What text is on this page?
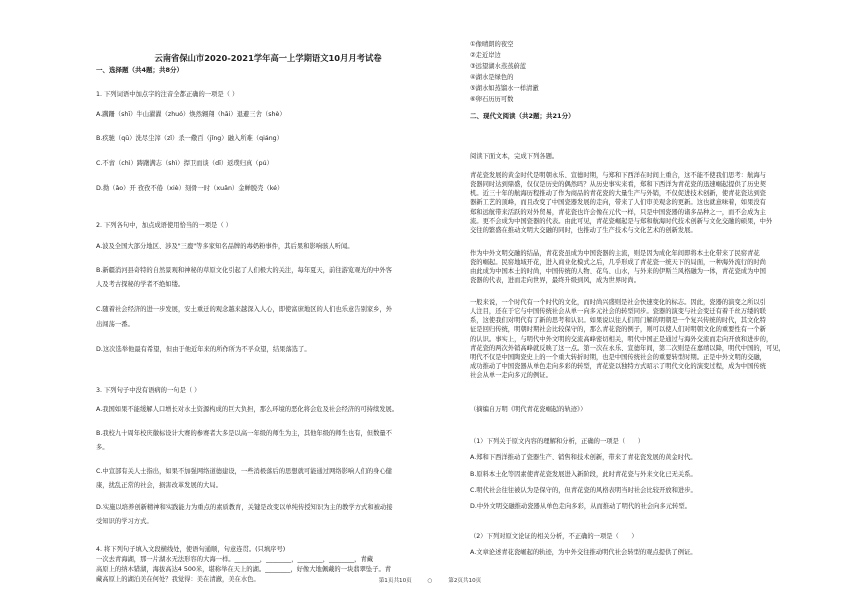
云南省保山市2020-2021学年高一上学期语文10月月考试卷
一、选择题（共4题；共8分）
1. 下列词语中加点字的注音全都正确的一项是（ ）
A.蹒跚（shī）牛山濯濯（zhuó）焕然翱翔（hāi）退避三舍（shè）
B.疾驰（qū）洗尽尘滓（zǐ）杀一儆百（jǐng）融入所难（qiáng）
C.不啻（chì）踌躇满志（shì）捍卫而谈（dī）返璞归真（pú）
D.拗（ǎo）开 孜孜不倦（xiè）刻骨一时（xuān）金蝉脱壳（ké）
2. 下列各句中，加点成语使用恰当的一项是（ ）
A.波及全国大部分地区、涉及"三鹿"等多家知名品牌的毒奶粉事件，其后果和影响骇人听闻。
B.新疆消河县奇特的自然景观和神秘的草原文化引起了人们极大的关注，每年夏天，前往游览观光的中外客
人及考古探秘的学者不绝如缕。
C.随着社会经济的进一步发展，安土重迁的观念越来越深入人心，即使富庶地区的人们也乐意告别家乡，外
出闯荡一番。
D.这次选举他最有希望，但由于他近年来的所作所为不孚众望，结果落选了。
3. 下列句子中没有语病的一句是（ ）
A.我国如果不能缓解人口增长对水土资源构成的巨大负担，那么环境的恶化将会危及社会经济的可持续发展。
B.我校九十周年校庆徽标设计大赛的参赛者大多是以高一年级的师生为主，其他年级的师生也有，但数量不
多。
C.中宣部有关人士指出，如果不加强网络道德建设，一些消极落后的思想就可能通过网络影响人们的身心健
康，扰乱正常的社会，损害改革发展的大局。
D.实施以培养创新精神和实践能力为重点的素质教育，关键是改变以单纯传授知识为主的教学方式和被动接
受知识的学习方式。
4. 将下列句子填入文段横线处，使语句通顺，句意连贯。(只填序号)
一次去青海湖，那一片湖水无法形容的大海一样。________，________，________，________，青藏
高原上的纳木错湖，海拔高达4 500米，堪称举在天上的湖。________，好像大地佩戴的一块翡翠坠子。青
藏高原上的湖泊美在何处？我觉得：美在清澈，美在水色。
①像晴朗的夜空
②走近岸边
③远望湖水蒸蒸蔚蓝
④湖水是绿色的
⑤湖水如蒸馏水一样清澈
⑥卵石历历可数
二、现代文阅读（共2题；共21分）
阅读下面文本，完成下列各题。

青花瓷发展的黄金时代是明朝永乐、宣德时期，与郑和下西洋在时间上重合，这不能不使我们思考：航海与

瓷器同时达到鼎盛，仅仅是历史的偶然吗？从历史事实来看，郑和下西洋为青花瓷的迅速崛起提供了历史契

机。近三十年的航海历程推动了作为商品的青花瓷的大量生产与外销，不仅促进技术创新，使青花瓷达到瓷

器新工艺的顶峰，而且改变了中国瓷器发展的走向，带来了人们审美观念的更新。这也就意味着，如果没有

郑和远航带来活跃的对外贸易，青花瓷也许会像在元代一样，只是中国瓷器的诸多品种之一，而不会成为主

流。更不会成为中国瓷器的代表。由此可见，青花瓷崛起是与郑和航海时代技术创新与文化交融的硕果，中外

交往的繁盛在推动文明大交融的同时，也推动了生产技术与文化艺术的创新发展。

作为中外文明交融的结晶，青花瓷虽成为中国瓷器的主流，则是因为成化年间即将本土化带来了民窑青花

瓷的崛起。民窑地域开花，进入商业化模式之后，几乎形成了青花瓷一统天下的局面，一种海外流行的时尚

由此成为中国本土的时尚，中国传统的人物、花鸟、山水，与外来的伊斯兰风格融为一体，青花瓷成为中国

瓷器的代表，进而走向世界，最终升级到风，成为世界时尚。

一般来说，一个时代有一个时代的文化，而时尚兴盛则是社会快速变化的标志。因此，瓷器的演变之所以引

人注目，还在于它与中国传统社会从单一向多元社会的转型同步。瓷器的演变与社会变迁有着千丝万缕的联

系，这使我们对明代有了新的思考和认识。如果说以往人们用门解的明朝是一个复兴传统的时代，其文化特

征是回归传统，明朝时期社会比较保守的，那么青花瓷的例子，则可以使人们对明朝文化的重要性有一个新

的认识。事实上，与明代中外文明的交流高峰密切相关，明代中国正是通过与海外交流而走向开放和进步的，

青花瓷的两次外销高峰就反映了这一点。第一次在永乐、宣德年间，第二次则是在嘉靖以降，明代中国的，可见，

明代不仅是中国陶瓷史上的一个重大转折时期，也是中国传统社会的重要转型时期。正是中外文明的交融，

成功推动了中国瓷器从单色走向多彩的转型，青花瓷以独特方式昭示了明代文化的演变过程，成为中国传统

社会从单一走向多元的例证。

（摘编自万明《明代青花瓷崛起的轨迹》）
（1）下列关于原文内容的理解和分析，正确的一项是（　　）
A.郑和下西洋推动了瓷器生产、销售和技术创新，带来了青花瓷发展的黄金时代。
B.原料本土化等因素使青花瓷发展进入新阶段，此时青花瓷与外来文化已无关系。
C.明代社会往往被认为是保守的，但青花瓷的风格表明当时社会比较开放和进步。
D.中外文明交融推动瓷器从单色走向多彩，从而推动了明代的社会向多元转型。
（2）下列对原文论证的相关分析，不正确的一项是（　　）
A.文章论述青花瓷崛起的轨迹，为中外交往推动明代社会转型的观点提供了例证。
第1页共10页	○	第2页共10页
